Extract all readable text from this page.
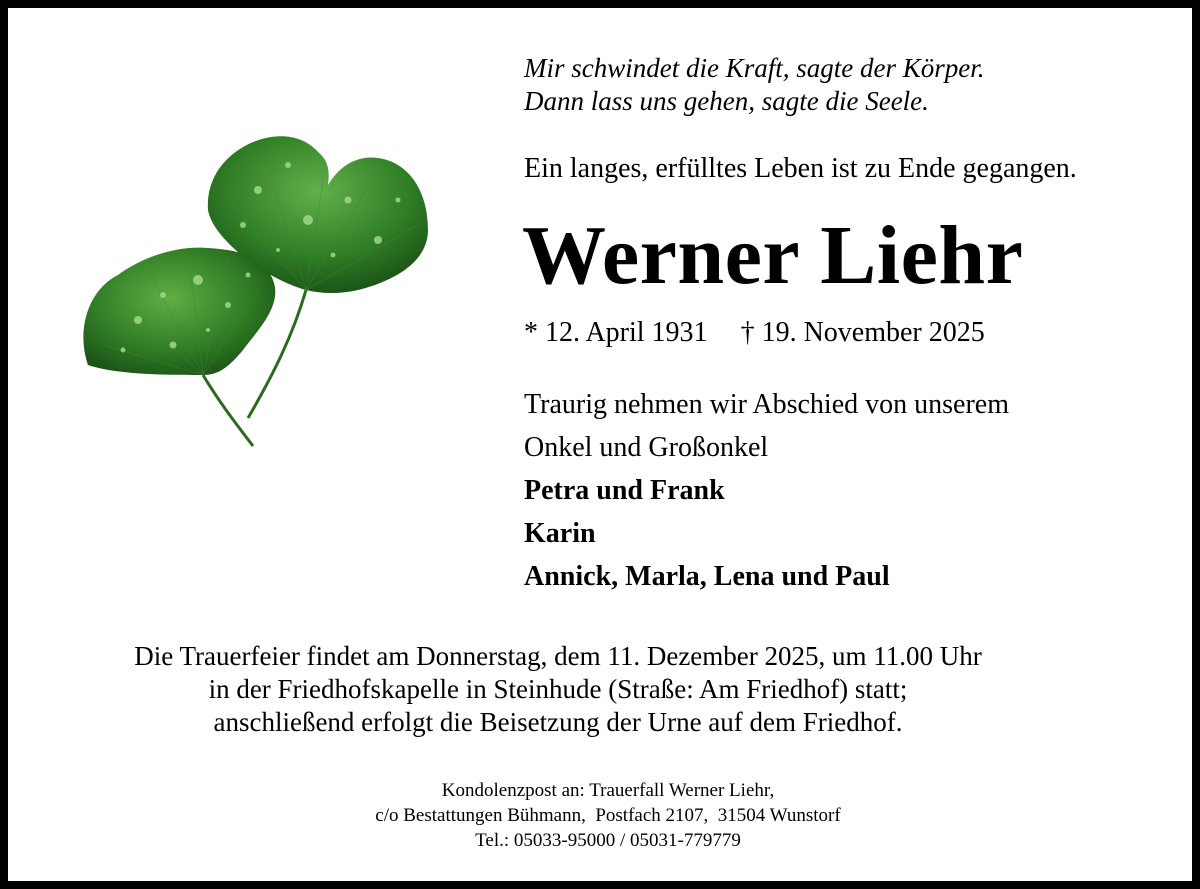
Mir schwindet die Kraft, sagte der Körper.
Dann lass uns gehen, sagte die Seele.
Ein langes, erfülltes Leben ist zu Ende gegangen.
Werner Liehr
* 12. April 1931 † 19. November 2025
Traurig nehmen wir Abschied von unserem
Onkel und Großonkel
Petra und Frank
Karin
Annick, Marla, Lena und Paul
Die Trauerfeier findet am Donnerstag, dem 11. Dezember 2025, um 11.00 Uhr
in der Friedhofskapelle in Steinhude (Straße: Am Friedhof) statt;
anschließend erfolgt die Beisetzung der Urne auf dem Friedhof.
Kondolenzpost an: Trauerfall Werner Liehr,
c/o Bestattungen Bühmann,  Postfach 2107,  31504 Wunstorf
Tel.: 05033-95000 / 05031-779779
